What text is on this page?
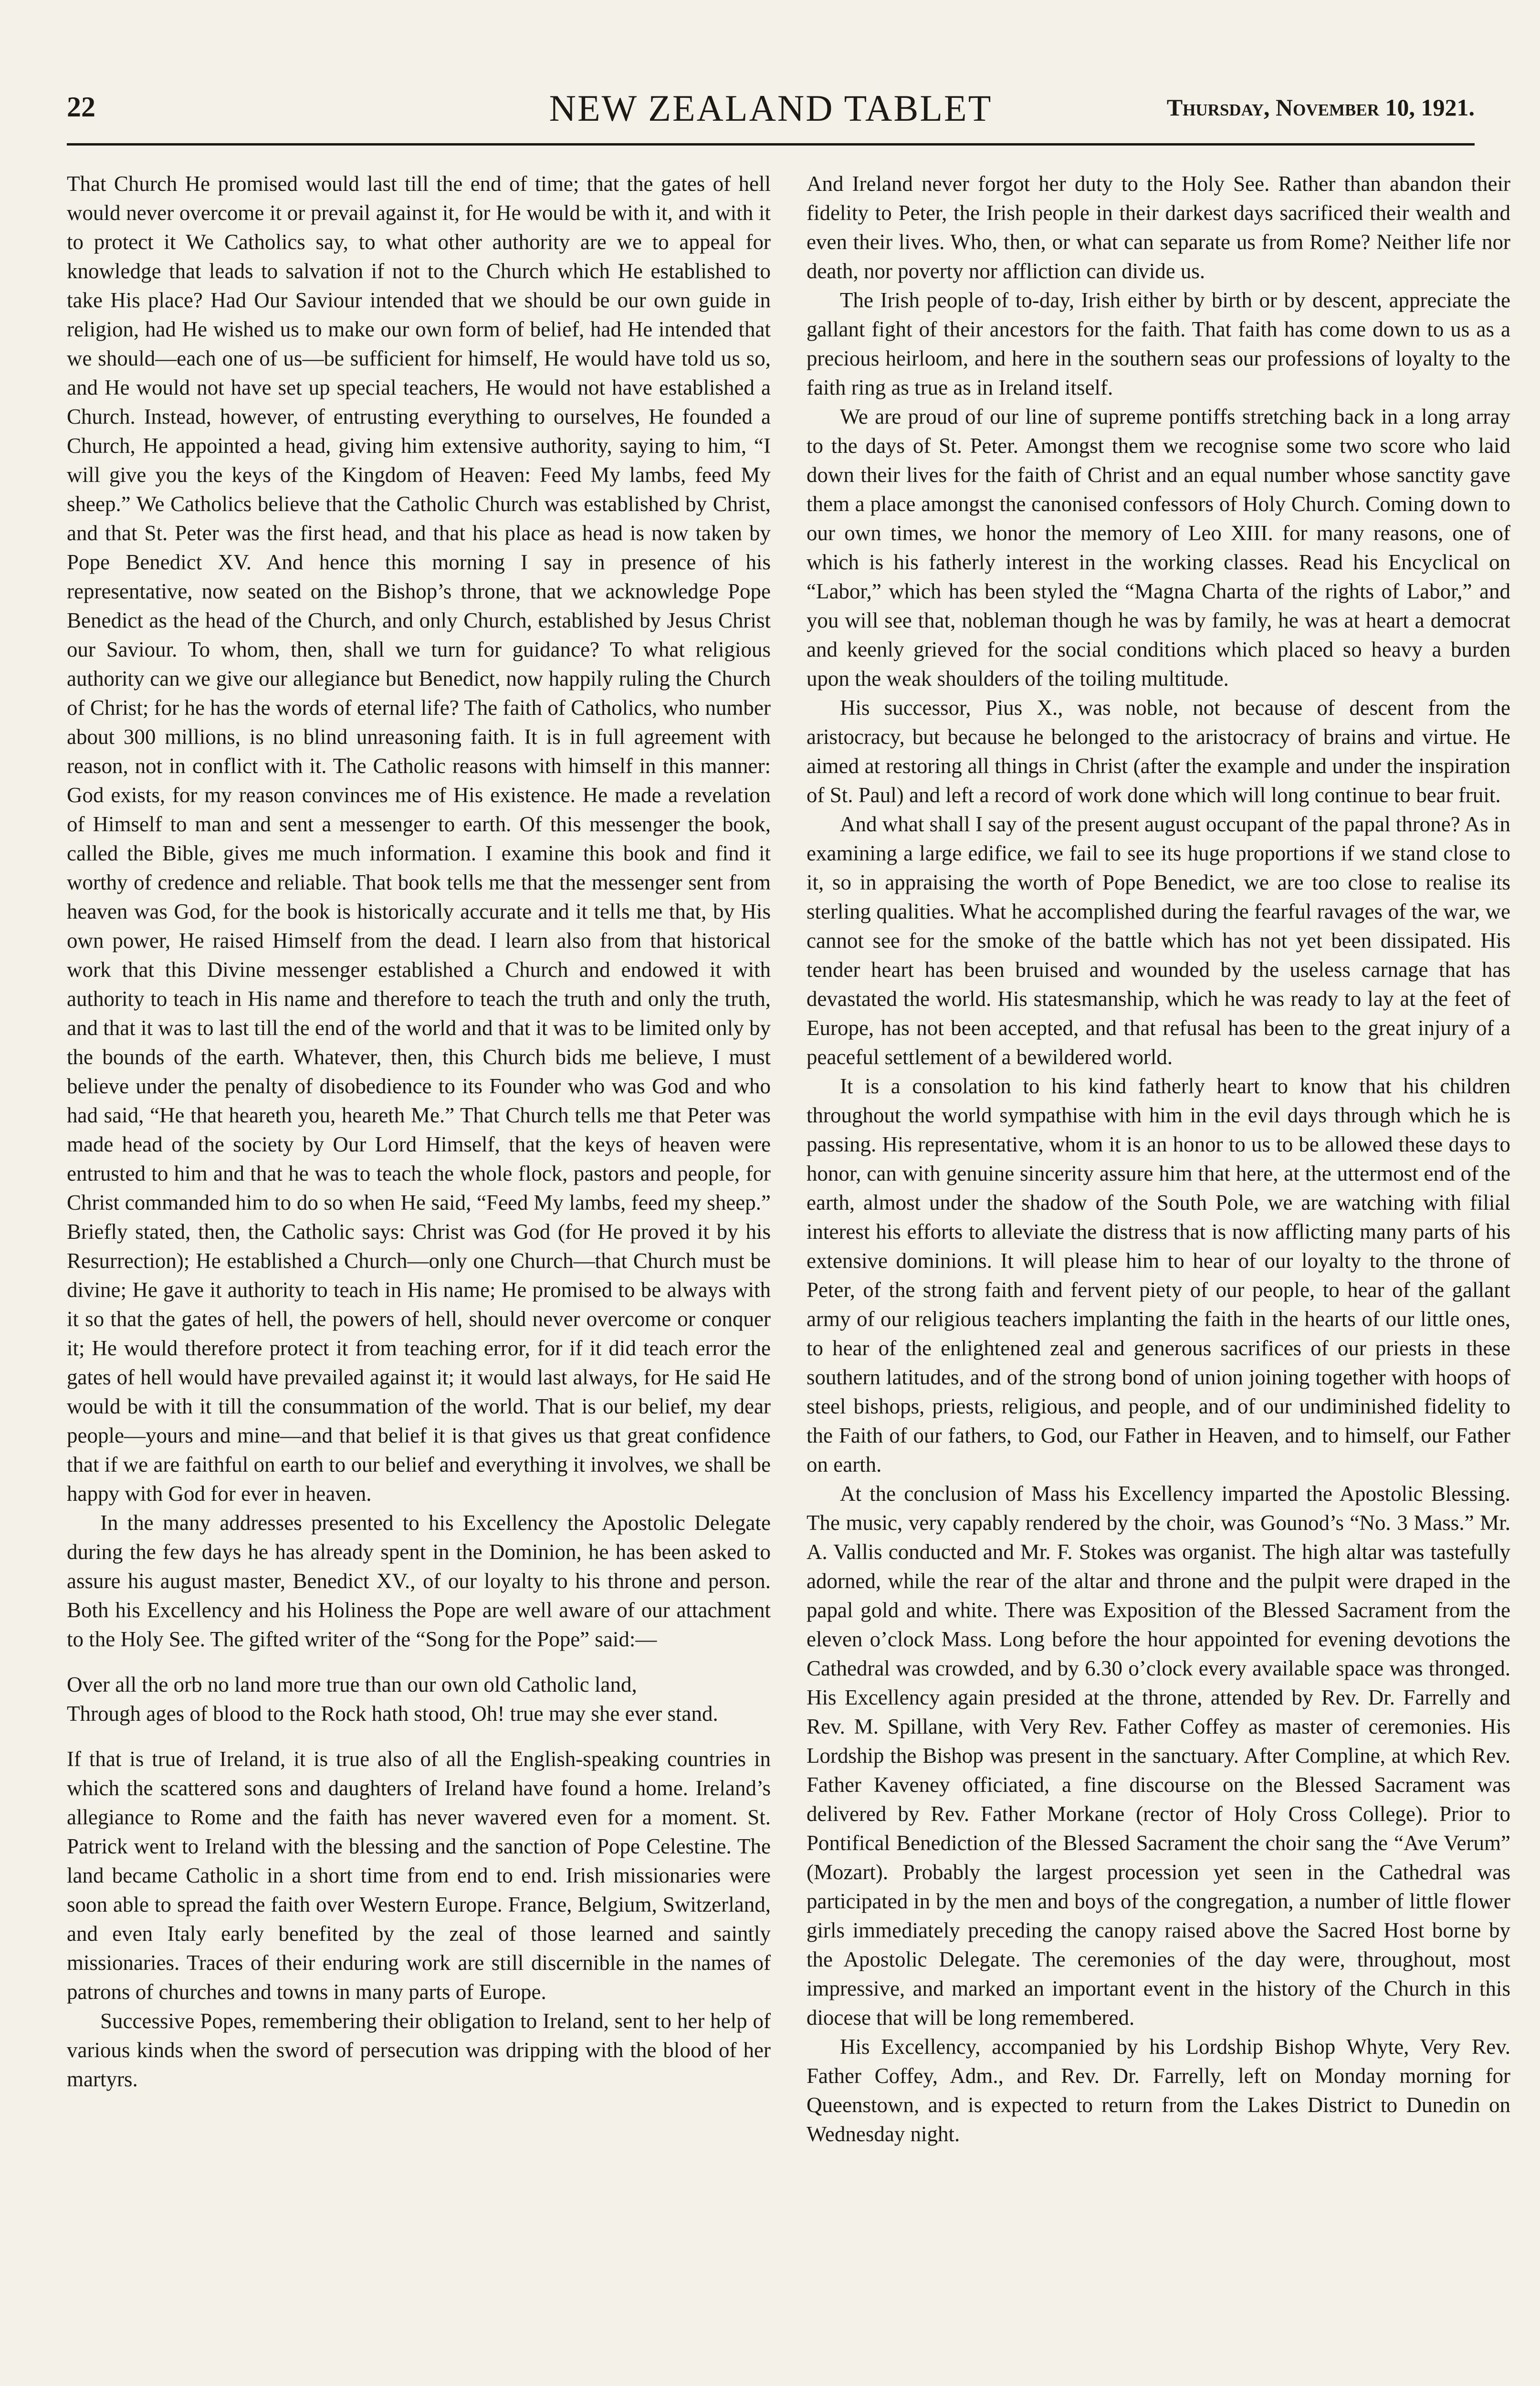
22	NEW ZEALAND TABLET	Thursday, November 10, 1921.

That Church He promised would last till the end of time; that the gates of hell would never overcome it or prevail against it, for He would be with it, and with it to protect it We Catholics say, to what other authority are we to appeal for knowledge that leads to salvation if not to the Church which He established to take His place? Had Our Saviour intended that we should be our own guide in religion, had He wished us to make our own form of belief, had He intended that we should—each one of us—be sufficient for himself, He would have told us so, and He would not have set up special teachers, He would not have established a Church. Instead, however, of entrusting everything to ourselves, He founded a Church, He appointed a head, giving him extensive authority, saying to him, “I will give you the keys of the Kingdom of Heaven: Feed My lambs, feed My sheep.” We Catholics believe that the Catholic Church was established by Christ, and that St. Peter was the first head, and that his place as head is now taken by Pope Benedict XV. And hence this morning I say in presence of his representative, now seated on the Bishop’s throne, that we acknowledge Pope Benedict as the head of the Church, and only Church, established by Jesus Christ our Saviour. To whom, then, shall we turn for guidance? To what religious authority can we give our allegiance but Benedict, now happily ruling the Church of Christ; for he has the words of eternal life? The faith of Catholics, who number about 300 millions, is no blind unreasoning faith. It is in full agreement with reason, not in conflict with it. The Catholic reasons with himself in this manner: God exists, for my reason convinces me of His existence. He made a revelation of Himself to man and sent a messenger to earth. Of this messenger the book, called the Bible, gives me much information. I examine this book and find it worthy of credence and reliable. That book tells me that the messenger sent from heaven was God, for the book is historically accurate and it tells me that, by His own power, He raised Himself from the dead. I learn also from that historical work that this Divine messenger established a Church and endowed it with authority to teach in His name and therefore to teach the truth and only the truth, and that it was to last till the end of the world and that it was to be limited only by the bounds of the earth. Whatever, then, this Church bids me believe, I must believe under the penalty of disobedience to its Founder who was God and who had said, “He that heareth you, heareth Me.” That Church tells me that Peter was made head of the society by Our Lord Himself, that the keys of heaven were entrusted to him and that he was to teach the whole flock, pastors and people, for Christ commanded him to do so when He said, “Feed My lambs, feed my sheep.” Briefly stated, then, the Catholic says: Christ was God (for He proved it by his Resurrection); He established a Church—only one Church—that Church must be divine; He gave it authority to teach in His name; He promised to be always with it so that the gates of hell, the powers of hell, should never overcome or conquer it; He would therefore protect it from teaching error, for if it did teach error the gates of hell would have prevailed against it; it would last always, for He said He would be with it till the consummation of the world. That is our belief, my dear people—yours and mine—and that belief it is that gives us that great confidence that if we are faithful on earth to our belief and everything it involves, we shall be happy with God for ever in heaven.

In the many addresses presented to his Excellency the Apostolic Delegate during the few days he has already spent in the Dominion, he has been asked to assure his august master, Benedict XV., of our loyalty to his throne and person. Both his Excellency and his Holiness the Pope are well aware of our attachment to the Holy See. The gifted writer of the “Song for the Pope” said:—

Over all the orb no land more true than our own old Catholic land,
Through ages of blood to the Rock hath stood, Oh! true may she ever stand.

If that is true of Ireland, it is true also of all the English-speaking countries in which the scattered sons and daughters of Ireland have found a home. Ireland’s allegiance to Rome and the faith has never wavered even for a moment. St. Patrick went to Ireland with the blessing and the sanction of Pope Celestine. The land became Catholic in a short time from end to end. Irish missionaries were soon able to spread the faith over Western Europe. France, Belgium, Switzerland, and even Italy early benefited by the zeal of those learned and saintly missionaries. Traces of their enduring work are still discernible in the names of patrons of churches and towns in many parts of Europe.

Successive Popes, remembering their obligation to Ireland, sent to her help of various kinds when the sword of persecution was dripping with the blood of her martyrs.

And Ireland never forgot her duty to the Holy See. Rather than abandon their fidelity to Peter, the Irish people in their darkest days sacrificed their wealth and even their lives. Who, then, or what can separate us from Rome? Neither life nor death, nor poverty nor affliction can divide us.

The Irish people of to-day, Irish either by birth or by descent, appreciate the gallant fight of their ancestors for the faith. That faith has come down to us as a precious heirloom, and here in the southern seas our professions of loyalty to the faith ring as true as in Ireland itself.

We are proud of our line of supreme pontiffs stretching back in a long array to the days of St. Peter. Amongst them we recognise some two score who laid down their lives for the faith of Christ and an equal number whose sanctity gave them a place amongst the canonised confessors of Holy Church. Coming down to our own times, we honor the memory of Leo XIII. for many reasons, one of which is his fatherly interest in the working classes. Read his Encyclical on “Labor,” which has been styled the “Magna Charta of the rights of Labor,” and you will see that, nobleman though he was by family, he was at heart a democrat and keenly grieved for the social conditions which placed so heavy a burden upon the weak shoulders of the toiling multitude.

His successor, Pius X., was noble, not because of descent from the aristocracy, but because he belonged to the aristocracy of brains and virtue. He aimed at restoring all things in Christ (after the example and under the inspiration of St. Paul) and left a record of work done which will long continue to bear fruit.

And what shall I say of the present august occupant of the papal throne? As in examining a large edifice, we fail to see its huge proportions if we stand close to it, so in appraising the worth of Pope Benedict, we are too close to realise its sterling qualities. What he accomplished during the fearful ravages of the war, we cannot see for the smoke of the battle which has not yet been dissipated. His tender heart has been bruised and wounded by the useless carnage that has devastated the world. His statesmanship, which he was ready to lay at the feet of Europe, has not been accepted, and that refusal has been to the great injury of a peaceful settlement of a bewildered world.

It is a consolation to his kind fatherly heart to know that his children throughout the world sympathise with him in the evil days through which he is passing. His representative, whom it is an honor to us to be allowed these days to honor, can with genuine sincerity assure him that here, at the uttermost end of the earth, almost under the shadow of the South Pole, we are watching with filial interest his efforts to alleviate the distress that is now afflicting many parts of his extensive dominions. It will please him to hear of our loyalty to the throne of Peter, of the strong faith and fervent piety of our people, to hear of the gallant army of our religious teachers implanting the faith in the hearts of our little ones, to hear of the enlightened zeal and generous sacrifices of our priests in these southern latitudes, and of the strong bond of union joining together with hoops of steel bishops, priests, religious, and people, and of our undiminished fidelity to the Faith of our fathers, to God, our Father in Heaven, and to himself, our Father on earth.

At the conclusion of Mass his Excellency imparted the Apostolic Blessing. The music, very capably rendered by the choir, was Gounod’s “No. 3 Mass.” Mr. A. Vallis conducted and Mr. F. Stokes was organist. The high altar was tastefully adorned, while the rear of the altar and throne and the pulpit were draped in the papal gold and white. There was Exposition of the Blessed Sacrament from the eleven o’clock Mass. Long before the hour appointed for evening devotions the Cathedral was crowded, and by 6.30 o’clock every available space was thronged. His Excellency again presided at the throne, attended by Rev. Dr. Farrelly and Rev. M. Spillane, with Very Rev. Father Coffey as master of ceremonies. His Lordship the Bishop was present in the sanctuary. After Compline, at which Rev. Father Kaveney officiated, a fine discourse on the Blessed Sacrament was delivered by Rev. Father Morkane (rector of Holy Cross College). Prior to Pontifical Benediction of the Blessed Sacrament the choir sang the “Ave Verum” (Mozart). Probably the largest procession yet seen in the Cathedral was participated in by the men and boys of the congregation, a number of little flower girls immediately preceding the canopy raised above the Sacred Host borne by the Apostolic Delegate. The ceremonies of the day were, throughout, most impressive, and marked an important event in the history of the Church in this diocese that will be long remembered.

His Excellency, accompanied by his Lordship Bishop Whyte, Very Rev. Father Coffey, Adm., and Rev. Dr. Farrelly, left on Monday morning for Queenstown, and is expected to return from the Lakes District to Dunedin on Wednesday night.
